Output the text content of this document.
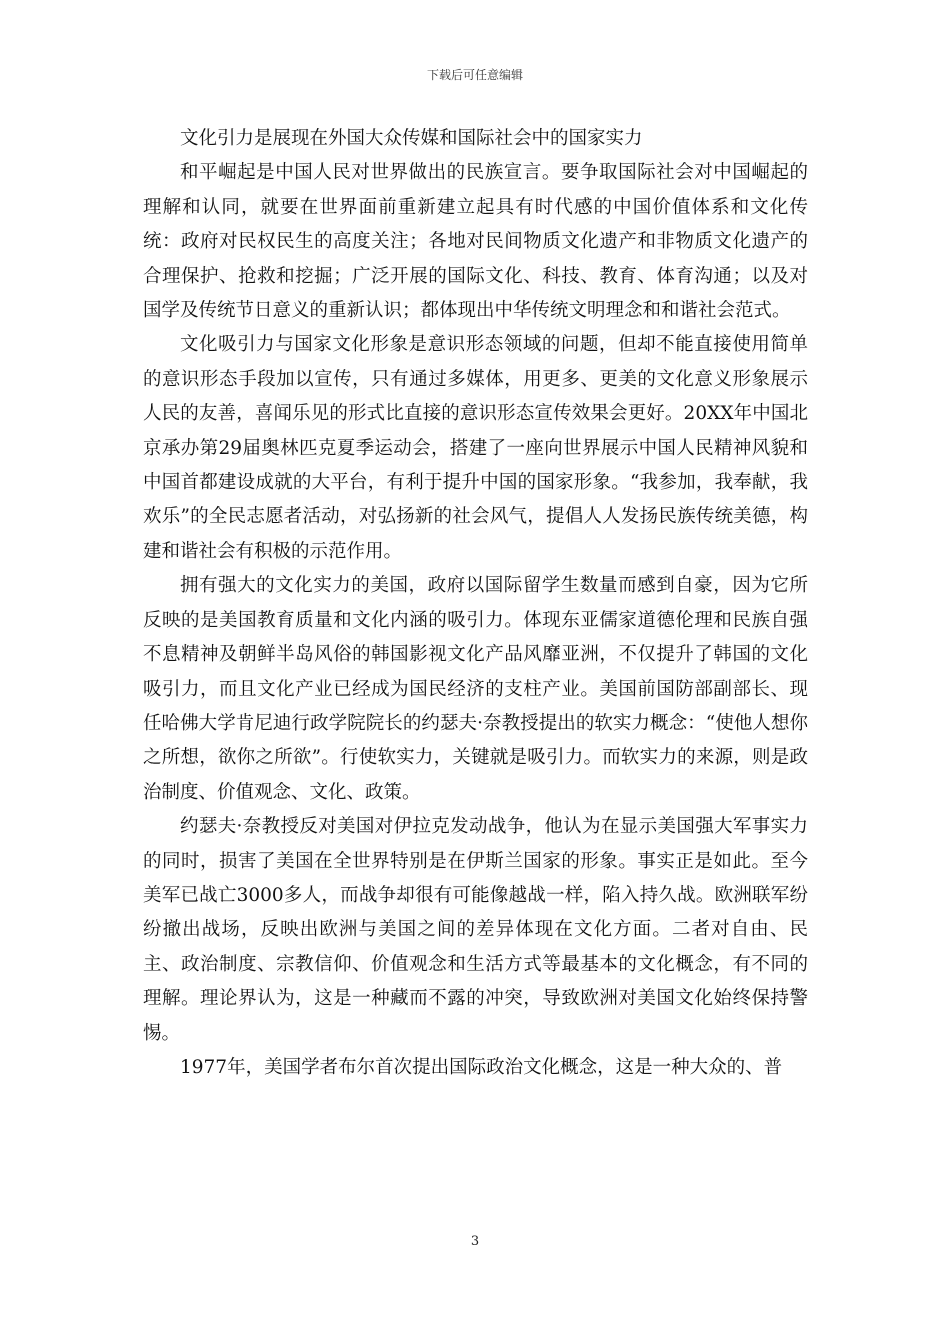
下载后可任意编辑

文化引力是展现在外国大众传媒和国际社会中的国家实力

和平崛起是中国人民对世界做出的民族宣言。要争取国际社会对中国崛起的理解和认同，就要在世界面前重新建立起具有时代感的中国价值体系和文化传统：政府对民权民生的高度关注；各地对民间物质文化遗产和非物质文化遗产的合理保护、抢救和挖掘；广泛开展的国际文化、科技、教育、体育沟通；以及对国学及传统节日意义的重新认识；都体现出中华传统文明理念和和谐社会范式。

文化吸引力与国家文化形象是意识形态领域的问题，但却不能直接使用简单的意识形态手段加以宣传，只有通过多媒体，用更多、更美的文化意义形象展示人民的友善，喜闻乐见的形式比直接的意识形态宣传效果会更好。20XX年中国北京承办第29届奥林匹克夏季运动会，搭建了一座向世界展示中国人民精神风貌和中国首都建设成就的大平台，有利于提升中国的国家形象。“我参加，我奉献，我欢乐”的全民志愿者活动，对弘扬新的社会风气，提倡人人发扬民族传统美德，构建和谐社会有积极的示范作用。

拥有强大的文化实力的美国，政府以国际留学生数量而感到自豪，因为它所反映的是美国教育质量和文化内涵的吸引力。体现东亚儒家道德伦理和民族自强不息精神及朝鲜半岛风俗的韩国影视文化产品风靡亚洲，不仅提升了韩国的文化吸引力，而且文化产业已经成为国民经济的支柱产业。美国前国防部副部长、现任哈佛大学肯尼迪行政学院院长的约瑟夫·奈教授提出的软实力概念：“使他人想你之所想，欲你之所欲”。行使软实力，关键就是吸引力。而软实力的来源，则是政治制度、价值观念、文化、政策。

约瑟夫·奈教授反对美国对伊拉克发动战争，他认为在显示美国强大军事实力的同时，损害了美国在全世界特别是在伊斯兰国家的形象。事实正是如此。至今美军已战亡3000多人，而战争却很有可能像越战一样，陷入持久战。欧洲联军纷纷撤出战场，反映出欧洲与美国之间的差异体现在文化方面。二者对自由、民主、政治制度、宗教信仰、价值观念和生活方式等最基本的文化概念，有不同的理解。理论界认为，这是一种藏而不露的冲突，导致欧洲对美国文化始终保持警惕。

1977年，美国学者布尔首次提出国际政治文化概念，这是一种大众的、普

3
